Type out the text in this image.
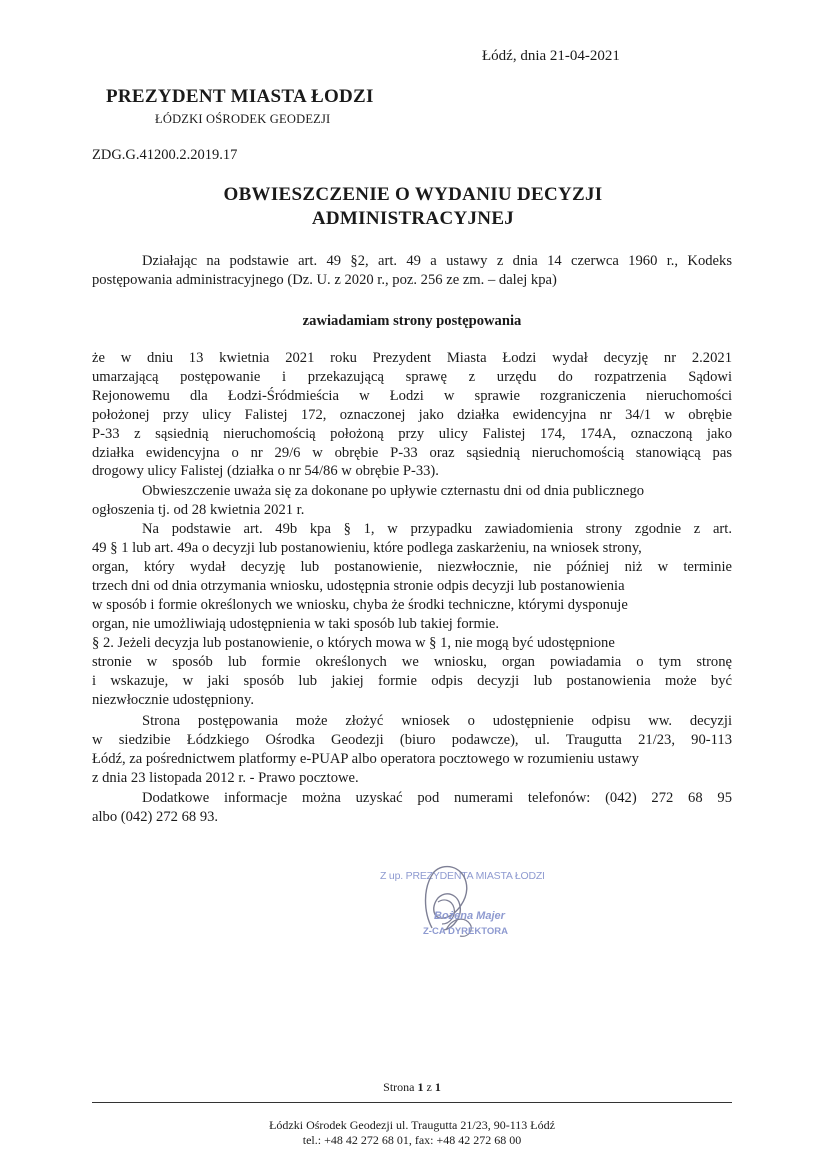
Łódź, dnia 21-04-2021
PREZYDENT MIASTA ŁODZI
ŁÓDZKI OŚRODEK GEODEZJI
ZDG.G.41200.2.2019.17
OBWIESZCZENIE O WYDANIU DECYZJI
ADMINISTRACYJNEJ
Działając na podstawie art. 49 §2, art. 49 a ustawy z dnia 14 czerwca 1960 r., Kodeks
postępowania administracyjnego (Dz. U. z 2020 r., poz. 256 ze zm. – dalej kpa)
zawiadamiam strony postępowania
że w dniu 13 kwietnia 2021 roku Prezydent Miasta Łodzi wydał decyzję nr 2.2021
umarzającą postępowanie i przekazującą sprawę z urzędu do rozpatrzenia Sądowi
Rejonowemu dla Łodzi-Śródmieścia w Łodzi w sprawie rozgraniczenia nieruchomości
położonej przy ulicy Falistej 172, oznaczonej jako działka ewidencyjna nr 34/1 w obrębie
P-33 z sąsiednią nieruchomością położoną przy ulicy Falistej 174, 174A, oznaczoną jako
działka ewidencyjna o nr 29/6 w obrębie P-33 oraz sąsiednią nieruchomością stanowiącą pas
drogowy ulicy Falistej (działka o nr 54/86 w obrębie P-33).
Obwieszczenie uważa się za dokonane po upływie czternastu dni od dnia publicznego
ogłoszenia tj. od 28 kwietnia 2021 r.
Na podstawie art. 49b kpa § 1, w przypadku zawiadomienia strony zgodnie z art.
49 § 1 lub art. 49a o decyzji lub postanowieniu, które podlega zaskarżeniu, na wniosek strony,
organ, który wydał decyzję lub postanowienie, niezwłocznie, nie później niż w terminie
trzech dni od dnia otrzymania wniosku, udostępnia stronie odpis decyzji lub postanowienia
w sposób i formie określonych we wniosku, chyba że środki techniczne, którymi dysponuje
organ, nie umożliwiają udostępnienia w taki sposób lub takiej formie.
§ 2. Jeżeli decyzja lub postanowienie, o których mowa w § 1, nie mogą być udostępnione
stronie w sposób lub formie określonych we wniosku, organ powiadamia o tym stronę
i wskazuje, w jaki sposób lub jakiej formie odpis decyzji lub postanowienia może być
niezwłocznie udostępniony.
Strona postępowania może złożyć wniosek o udostępnienie odpisu ww. decyzji
w siedzibie Łódzkiego Ośrodka Geodezji (biuro podawcze), ul. Traugutta 21/23, 90-113
Łódź, za pośrednictwem platformy e-PUAP albo operatora pocztowego w rozumieniu ustawy
z dnia 23 listopada 2012 r. - Prawo pocztowe.
Dodatkowe informacje można uzyskać pod numerami telefonów: (042) 272 68 95
albo (042) 272 68 93.
Z up. PREZYDENTA MIASTA ŁODZI
Bożena Majer
Z-CA DYREKTORA
Strona 1 z 1
Łódzki Ośrodek Geodezji ul. Traugutta 21/23, 90-113 Łódź
tel.: +48 42 272 68 01, fax: +48 42 272 68 00
